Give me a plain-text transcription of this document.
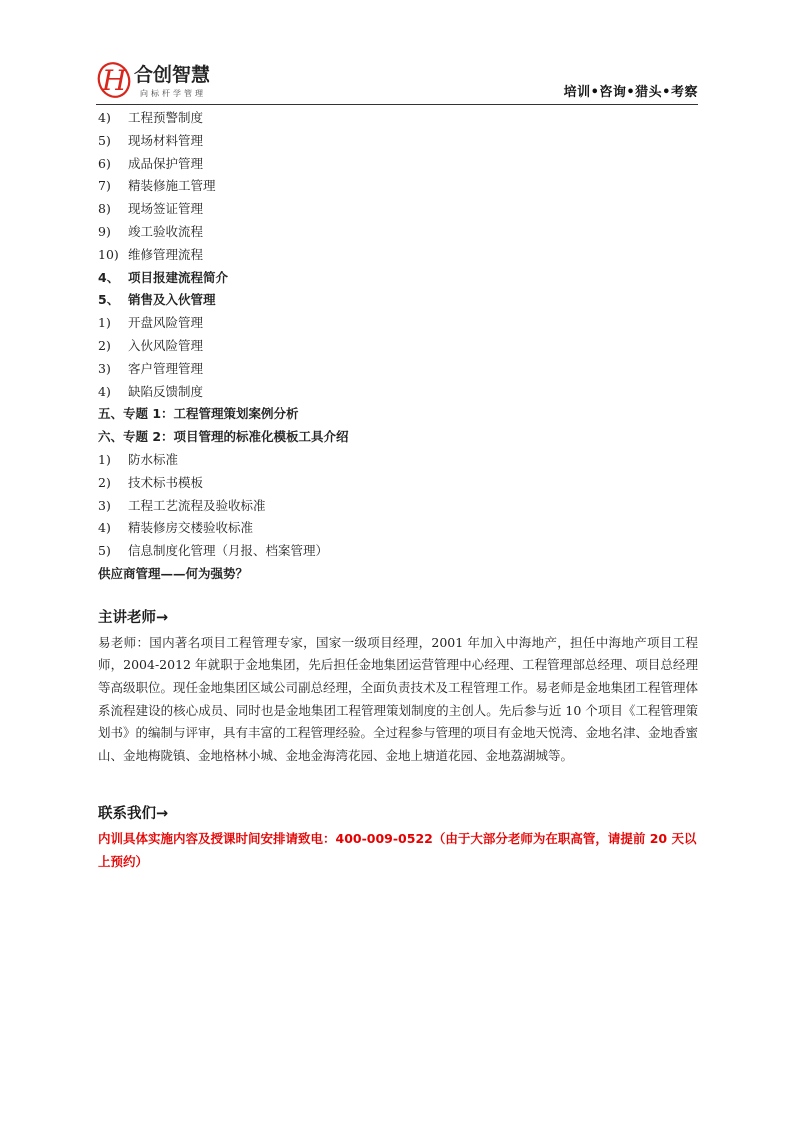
H 合创智慧
向标杆学管理	培训•咨询•猎头•考察
4) 工程预警制度
5) 现场材料管理
6) 成品保护管理
7) 精装修施工管理
8) 现场签证管理
9) 竣工验收流程
10) 维修管理流程
4、 项目报建流程简介
5、 销售及入伙管理
1) 开盘风险管理
2) 入伙风险管理
3) 客户管理管理
4) 缺陷反馈制度
五、专题 1：工程管理策划案例分析
六、专题 2：项目管理的标准化模板工具介绍
1) 防水标准
2) 技术标书模板
3) 工程工艺流程及验收标准
4) 精装修房交楼验收标准
5) 信息制度化管理（月报、档案管理）
供应商管理——何为强势？
主讲老师→
易老师：国内著名项目工程管理专家，国家一级项目经理，2001 年加入中海地产，担任中海地产项目工程师，2004-2012 年就职于金地集团，先后担任金地集团运营管理中心经理、工程管理部总经理、项目总经理等高级职位。现任金地集团区域公司副总经理，全面负责技术及工程管理工作。易老师是金地集团工程管理体系流程建设的核心成员、同时也是金地集团工程管理策划制度的主创人。先后参与近 10 个项目《工程管理策划书》的编制与评审，具有丰富的工程管理经验。全过程参与管理的项目有金地天悦湾、金地名津、金地香蜜山、金地梅陇镇、金地格林小城、金地金海湾花园、金地上塘道花园、金地荔湖城等。
联系我们→
内训具体实施内容及授课时间安排请致电：400-009-0522（由于大部分老师为在职高管，请提前 20 天以上预约）
